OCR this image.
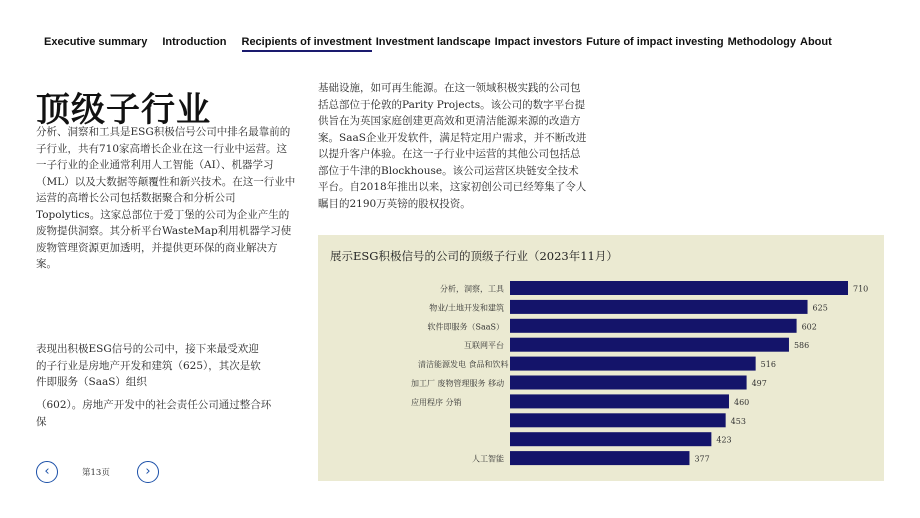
Executive summary Introduction Recipients of investment Investment landscape Impact investors Future of impact investing Methodology About
顶级子行业

分析、洞察和工具是ESG积极信号公司中排名最靠前的子行业，共有710家高增长企业在这一行业中运营。这一子行业的企业通常利用人工智能（AI）、机器学习（ML）以及大数据等颠覆性和新兴技术。在这一行业中运营的高增长公司包括数据聚合和分析公司Topolytics。这家总部位于爱丁堡的公司为企业产生的废物提供洞察。其分析平台WasteMap利用机器学习使废物管理资源更加透明，并提供更环保的商业解决方案。

表现出积极ESG信号的公司中，接下来最受欢迎的子行业是房地产开发和建筑（625），其次是软件即服务（SaaS）组织

（602）。房地产开发中的社会责任公司通过整合环保

基础设施，如可再生能源。在这一领域积极实践的公司包括总部位于伦敦的Parity Projects。该公司的数字平台提供旨在为英国家庭创建更高效和更清洁能源来源的改造方案。SaaS企业开发软件，满足特定用户需求，并不断改进以提升客户体验。在这一子行业中运营的其他公司包括总部位于牛津的Blockhouse。该公司运营区块链安全技术平台。自2018年推出以来，这家初创公司已经筹集了令人瞩目的2190万英镑的股权投资。

‹	第13页	›
展示ESG积极信号的公司的顶级子行业（2023年11月）
710
分析，洞察，工具
625
物业/土地开发和建筑
602
软件即服务（SaaS）
586
互联网平台
516
清洁能源发电 食品和饮料
497
加工厂 废物管理服务 移动
460
应用程序 分销
453
423
377
人工智能
